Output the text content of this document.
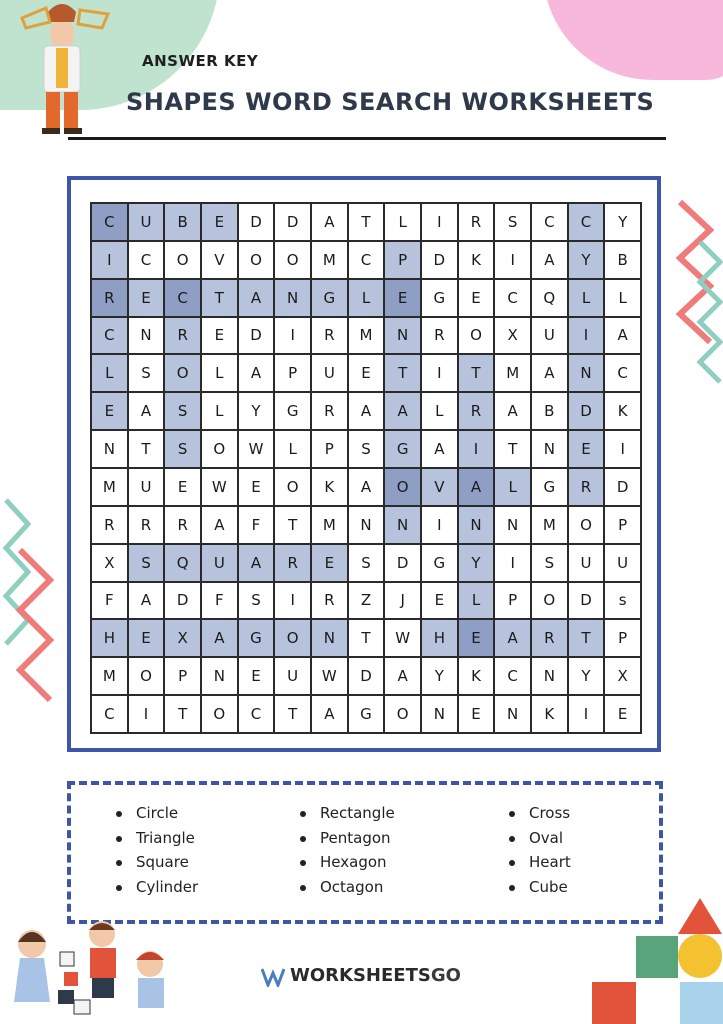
ANSWER KEY
SHAPES WORD SEARCH WORKSHEETS
C	U	B	E	D	D	A	T	L	I	R	S	C	C	Y
I	C	O	V	O	O	M	C	P	D	K	I	A	Y	B
R	E	C	T	A	N	G	L	E	G	E	C	Q	L	L
C	N	R	E	D	I	R	M	N	R	O	X	U	I	A
L	S	O	L	A	P	U	E	T	I	T	M	A	N	C
E	A	S	L	Y	G	R	A	A	L	R	A	B	D	K
N	T	S	O	W	L	P	S	G	A	I	T	N	E	I
M	U	E	W	E	O	K	A	O	V	A	L	G	R	D
R	R	R	A	F	T	M	N	N	I	N	N	M	O	P
X	S	Q	U	A	R	E	S	D	G	Y	I	S	U	U
F	A	D	F	S	I	R	Z	J	E	L	P	O	D	s
H	E	X	A	G	O	N	T	W	H	E	A	R	T	P
M	O	P	N	E	U	W	D	A	Y	K	C	N	Y	X
C	I	T	O	C	T	A	G	O	N	E	N	K	I	E
Circle
Triangle
Square
Cylinder
Rectangle
Pentagon
Hexagon
Octagon
Cross
Oval
Heart
Cube
WORKSHEETSGO
